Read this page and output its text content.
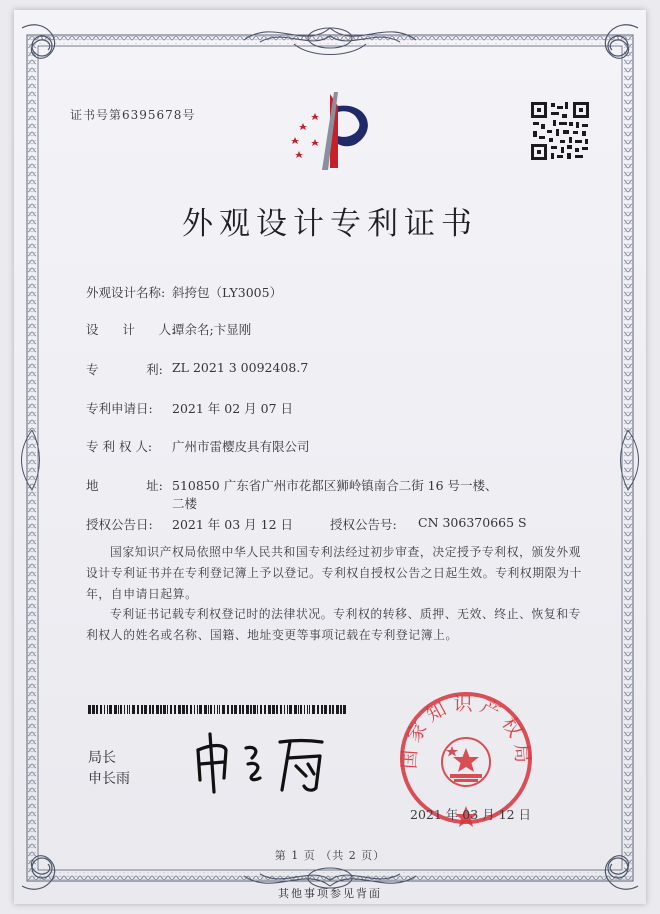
证书号第6395678号
外观设计专利证书
外观设计名称: 斜挎包（LY3005）
设      计      人:
谭余名;卞显刚
专            利: ZL 2021 3 0092408.7
专利申请日: 2021 年 02 月 07 日
专 利 权 人: 广州市雷樱皮具有限公司
地            址: 510850 广东省广州市花都区狮岭镇南合二街 16 号一楼、
二楼
授权公告日: 2021 年 03 月 12 日	授权公告号: CN 306370665 S
国家知识产权局依照中华人民共和国专利法经过初步审查，决定授予专利权，颁发外观
设计专利证书并在专利登记簿上予以登记。专利权自授权公告之日起生效。专利权期限为十
年，自申请日起算。
专利证书记载专利权登记时的法律状况。专利权的转移、质押、无效、终止、恢复和专
利权人的姓名或名称、国籍、地址变更等事项记载在专利登记簿上。
局长
申长雨
国家知识产权局
2021 年 03 月 12 日
第 1 页 （共 2 页）
其他事项参见背面
